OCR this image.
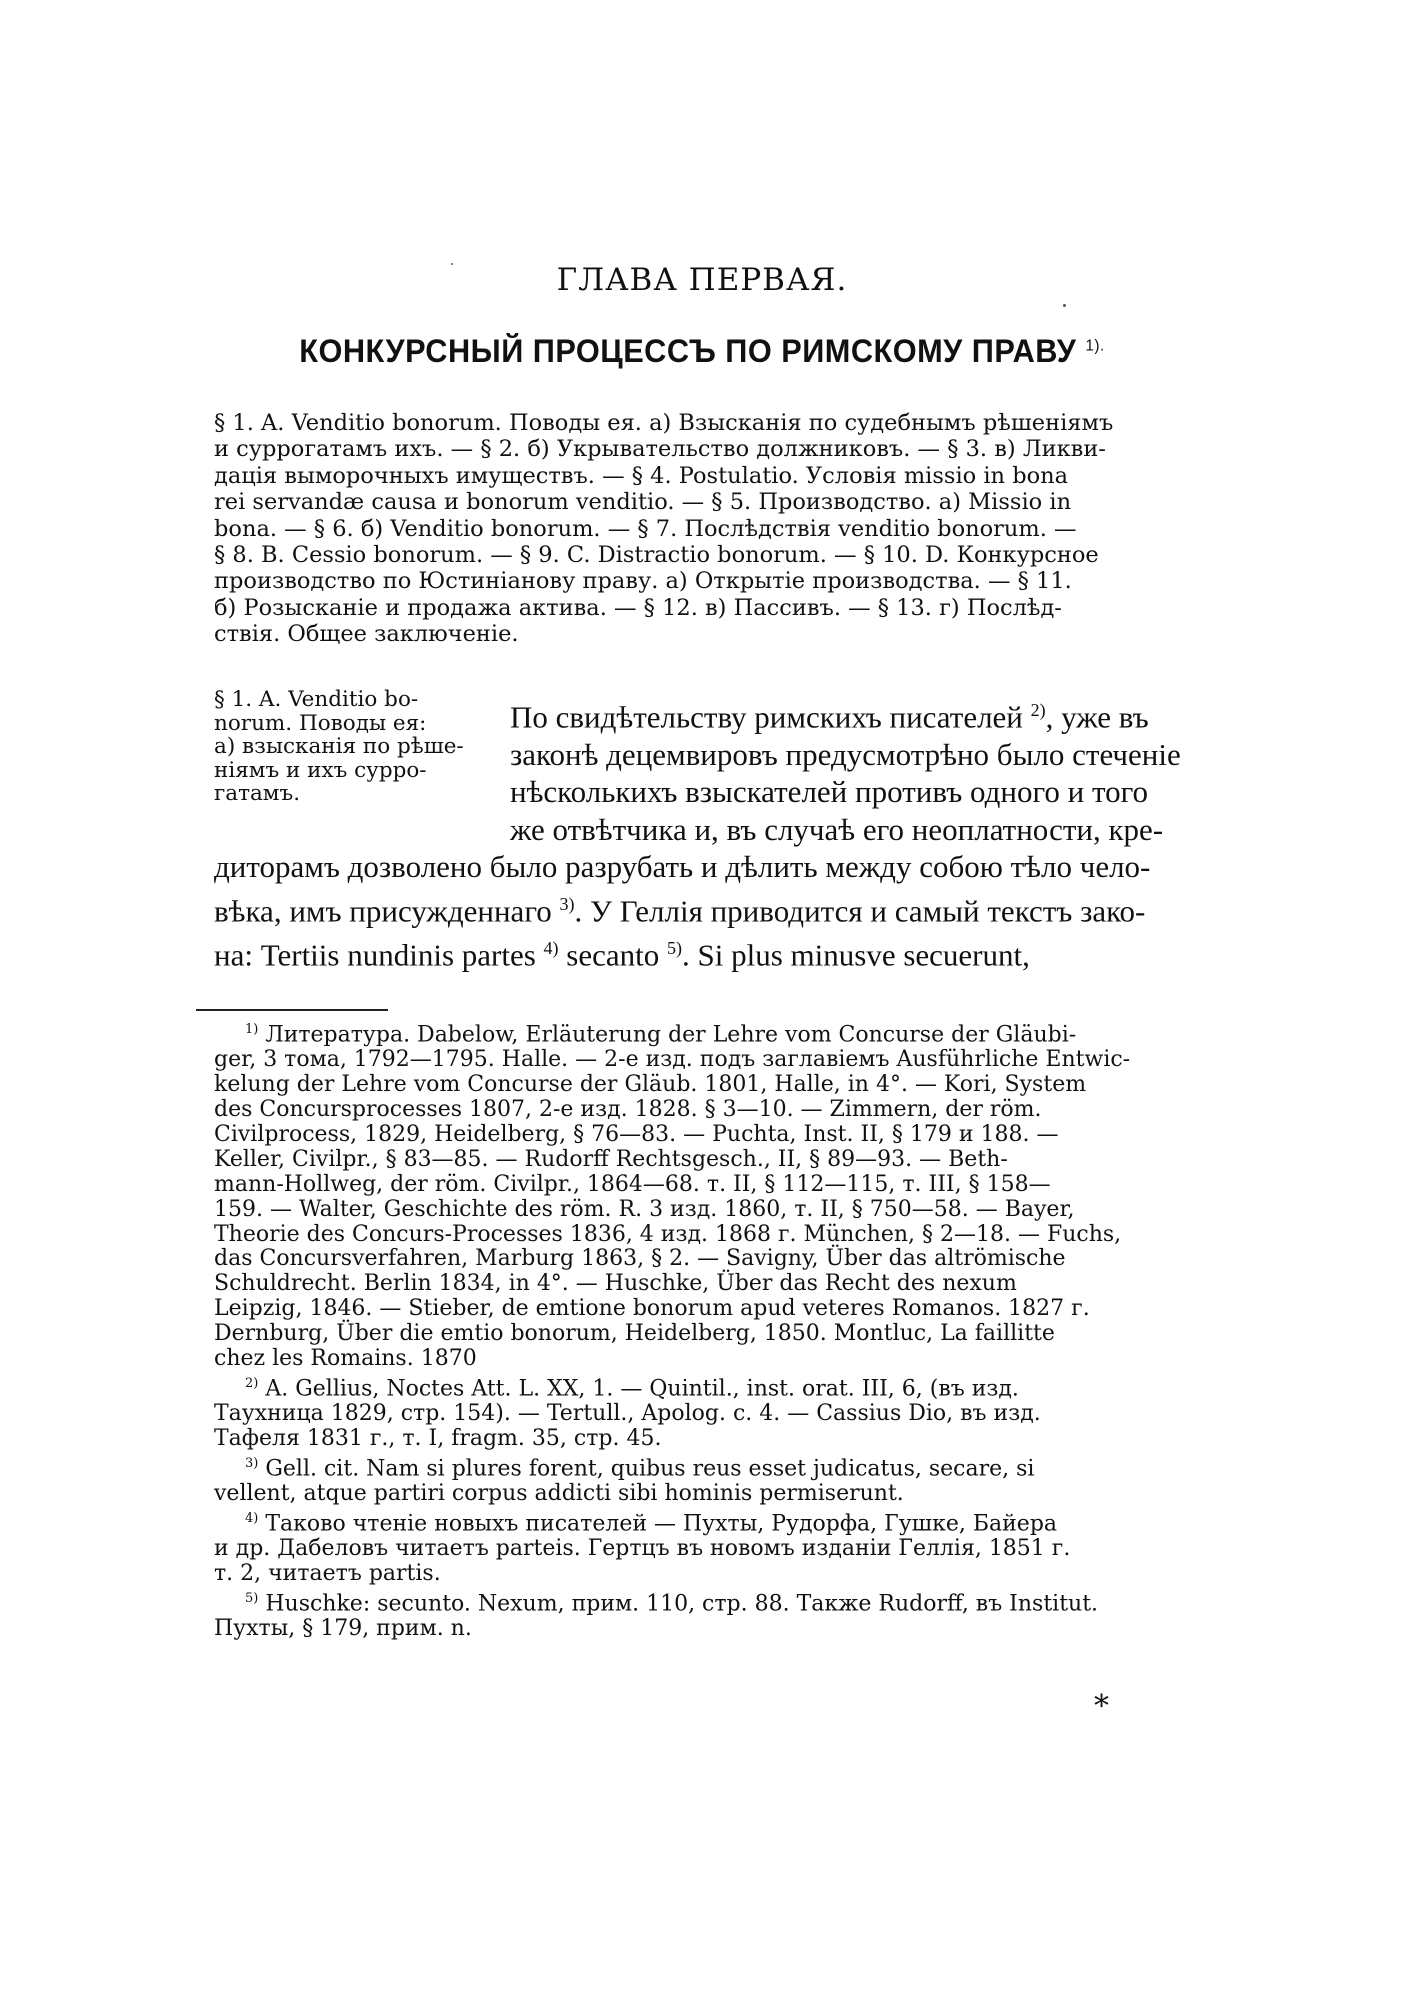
ГЛАВА ПЕРВАЯ.
КОНКУРСНЫЙ ПРОЦЕССЪ ПО РИМСКОМУ ПРАВУ $^{1).}$
§ 1. A. Venditio bonorum. Поводы ея. а) Взысканія по судебнымъ рѣшеніямъ
и суррогатамъ ихъ. — § 2. б) Укрывательство должниковъ. — § 3. в) Ликви-
дація выморочныхъ имуществъ. — § 4. Postulatio. Условія missio in bona
rei servandæ causa и bonorum venditio. — § 5. Производство. а) Missio in
bona. — § 6. б) Venditio bonorum. — § 7. Послѣдствія venditio bonorum. —
§ 8. B. Cessio bonorum. — § 9. C. Distractio bonorum. — § 10. D. Конкурсное
производство по Юстиніанову праву. а) Открытіе производства. — § 11.
б) Розысканіе и продажа актива. — § 12. в) Пассивъ. — § 13. г) Послѣд-
ствія. Общее заключеніе.
§ 1. A. Venditio bo-
norum. Поводы ея:
а) взысканія по рѣше-
ніямъ и ихъ сурро-
гатамъ.
По свидѣтельству римскихъ писателей $^{2)}$, уже въ
законѣ децемвировъ предусмотрѣно было стеченіе
нѣсколькихъ взыскателей противъ одного и того
же отвѣтчика и, въ случаѣ его неоплатности, кре-
диторамъ дозволено было разрубать и дѣлить между собою тѣло чело-
вѣка, имъ присужденнаго $^{3)}$. У Геллія приводится и самый текстъ зако-
на: Tertiis nundinis partes $^{4)}$ secanto $^{5)}$. Si plus minusve secuerunt,
$^{1)}$ Литература. Dabelow, Erläuterung der Lehre vom Concurse der Gläubi-
ger, 3 тома, 1792—1795. Halle. — 2-е изд. подъ заглавіемъ Ausführliche Entwic-
kelung der Lehre vom Concurse der Gläub. 1801, Halle, in 4°. — Kori, System
des Concursprocesses 1807, 2-е изд. 1828. § 3—10. — Zimmern, der röm.
Civilprocess, 1829, Heidelberg, § 76—83. — Puchta, Inst. II, § 179 и 188. —
Keller, Civilpr., § 83—85. — Rudorff Rechtsgesch., II, § 89—93. — Beth-
mann-Hollweg, der röm. Civilpr., 1864—68. т. II, § 112—115, т. III, § 158—
159. — Walter, Geschichte des röm. R. 3 изд. 1860, т. II, § 750—58. — Bayer,
Theorie des Concurs-Processes 1836, 4 изд. 1868 г. München, § 2—18. — Fuchs,
das Concursverfahren, Marburg 1863, § 2. — Savigny, Über das altrömische
Schuldrecht. Berlin 1834, in 4°. — Huschke, Über das Recht des nexum
Leipzig, 1846. — Stieber, de emtione bonorum apud veteres Romanos. 1827 г.
Dernburg, Über die emtio bonorum, Heidelberg, 1850. Montluc, La faillitte
chez les Romains. 1870
$^{2)}$ A. Gellius, Noctes Att. L. XX, 1. — Quintil., inst. orat. III, 6, (въ изд.
Таухница 1829, стр. 154). — Tertull., Apolog. c. 4. — Cassius Dio, въ изд.
Тафеля 1831 г., т. I, fragm. 35, стр. 45.
$^{3)}$ Gell. cit. Nam si plures forent, quibus reus esset judicatus, secare, si
vellent, atque partiri corpus addicti sibi hominis permiserunt.
$^{4)}$ Таково чтеніе новыхъ писателей — Пухты, Рудорфа, Гушке, Байера
и др. Дабеловъ читаетъ parteis. Гертцъ въ новомъ изданіи Геллія, 1851 г.
т. 2, читаетъ partis.
$^{5)}$ Huschke: secunto. Nexum, прим. 110, стр. 88. Также Rudorff, въ Institut.
Пухты, § 179, прим. n.
*
